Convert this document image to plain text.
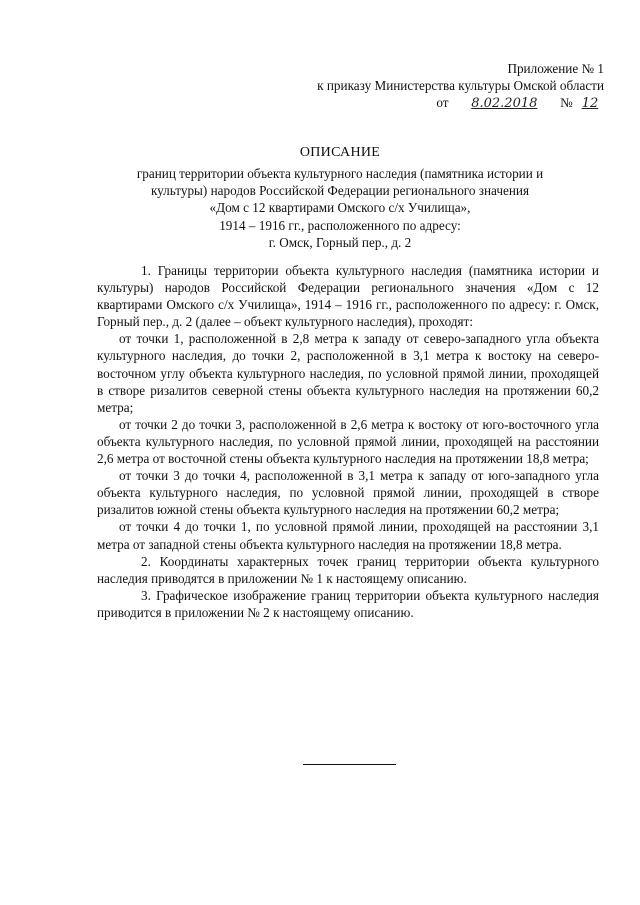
Приложение № 1
к приказу Министерства культуры Омской области
от 8.02.2018 № 12
ОПИСАНИЕ

границ территории объекта культурного наследия (памятника истории и

культуры) народов Российской Федерации регионального значения

«Дом с 12 квартирами Омского с/х Училища»,

1914 – 1916 гг., расположенного по адресу:

г. Омск, Горный пер., д. 2

1. Границы территории объекта культурного наследия (памятника истории и культуры) народов Российской Федерации регионального значения «Дом с 12 квартирами Омского с/х Училища», 1914 – 1916 гг., расположенного по адресу: г. Омск, Горный пер., д. 2 (далее – объект культурного наследия), проходят:

от точки 1, расположенной в 2,8 метра к западу от северо-западного угла объекта культурного наследия, до точки 2, расположенной в 3,1 метра к востоку на северо-восточном углу объекта культурного наследия, по условной прямой линии, проходящей в створе ризалитов северной стены объекта культурного наследия на протяжении 60,2 метра;

от точки 2 до точки 3, расположенной в 2,6 метра к востоку от юго-восточного угла объекта культурного наследия, по условной прямой линии, проходящей на расстоянии 2,6 метра от восточной стены объекта культурного наследия на протяжении 18,8 метра;

от точки 3 до точки 4, расположенной в 3,1 метра к западу от юго-западного угла объекта культурного наследия, по условной прямой линии, проходящей в створе ризалитов южной стены объекта культурного наследия на протяжении 60,2 метра;

от точки 4 до точки 1, по условной прямой линии, проходящей на расстоянии 3,1 метра от западной стены объекта культурного наследия на протяжении 18,8 метра.

2. Координаты характерных точек границ территории объекта культурного наследия приводятся в приложении № 1 к настоящему описанию.

3. Графическое изображение границ территории объекта культурного наследия приводится в приложении № 2 к настоящему описанию.
